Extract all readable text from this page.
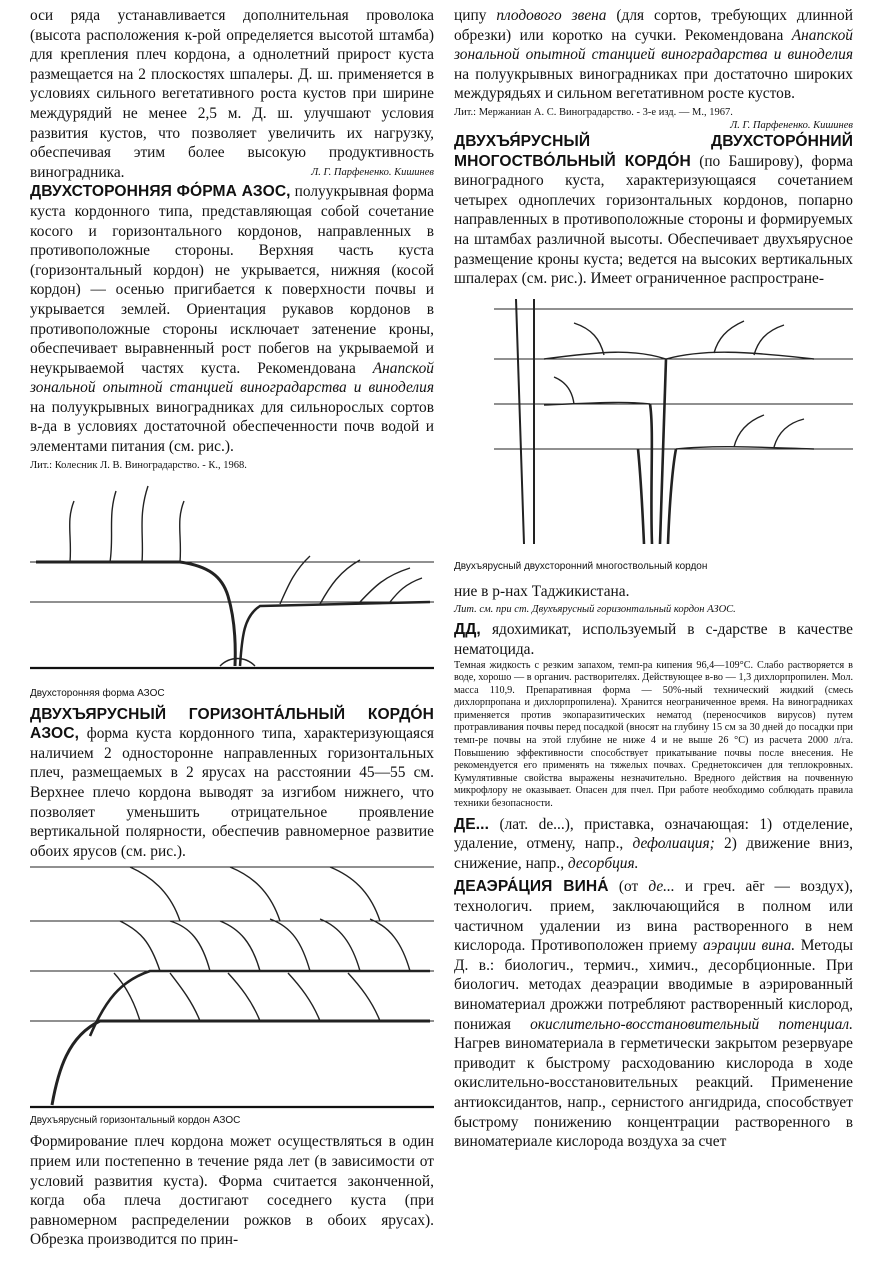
оси ряда устанавливается дополнительная проволока (высота расположения к-рой определяется высотой штамба) для крепления плеч кордона, а однолетний прирост куста размещается на 2 плоскостях шпалеры. Д. ш. применяется в условиях сильного вегетативного роста кустов при ширине междурядий не менее 2,5 м. Д. ш. улучшают условия развития кустов, что позволяет увеличить их нагрузку, обеспечивая этим более высокую продуктивность виноградника.	Л. Г. Парфененко. Кишинев

ДВУХСТОРОННЯЯ ФО́РМА АЗОС, полуукрывная форма куста кордонного типа, представляющая собой сочетание косого и горизонтального кордонов, направленных в противоположные стороны. Верхняя часть куста (горизонтальный кордон) не укрывается, нижняя (косой кордон) — осенью пригибается к поверхности почвы и укрывается землей. Ориентация рукавов кордонов в противоположные стороны исключает затенение кроны, обеспечивает выравненный рост побегов на укрываемой и неукрываемой частях куста. Рекомендована Анапской зональной опытной станцией виноградарства и виноделия на полуукрывных виноградниках для сильнорослых сортов в-да в условиях достаточной обеспеченности почв водой и элементами питания (см. рис.).

Лит.: Колесник Л. В. Виноградарство. - К., 1968.

Двухсторонняя форма АЗОС

ДВУХЪЯРУСНЫЙ ГОРИЗОНТА́ЛЬНЫЙ КОРДО́Н АЗОС, форма куста кордонного типа, характеризующаяся наличием 2 односторонне направленных горизонтальных плеч, размещаемых в 2 ярусах на расстоянии 45—55 см. Верхнее плечо кордона выводят за изгибом нижнего, что позволяет уменьшить отрицательное проявление вертикальной полярности, обеспечив равномерное развитие обоих ярусов (см. рис.).

Двухъярусный горизонтальный кордон АЗОС

Формирование плеч кордона может осуществляться в один прием или постепенно в течение ряда лет (в зависимости от условий развития куста). Форма считается законченной, когда оба плеча достигают соседнего куста (при равномерном распределении рожков в обоих ярусах). Обрезка производится по прин-

ципу плодового звена (для сортов, требующих длинной обрезки) или коротко на сучки. Рекомендована Анапской зональной опытной станцией виноградарства и виноделия на полуукрывных виноградниках при достаточно широких междурядьях и сильном вегетативном росте кустов.

Лит.: Мержаниан А. С. Виноградарство. - 3-е изд. — М., 1967.

Л. Г. Парфененко. Кишинев

ДВУХЪЯ́РУСНЫЙ ДВУХСТОРО́ННИЙ МНОГОСТВО́ЛЬНЫЙ КОРДО́Н (по Баширову), форма виноградного куста, характеризующаяся сочетанием четырех одноплечих горизонтальных кордонов, попарно направленных в противоположные стороны и формируемых на штамбах различной высоты. Обеспечивает двухъярусное размещение кроны куста; ведется на высоких вертикальных шпалерах (см. рис.). Имеет ограниченное распростране-

Двухъярусный двухсторонний многоствольный кордон

ние в р-нах Таджикистана.

Лит. см. при ст. Двухъярусный горизонтальный кордон АЗОС.

ДД, ядохимикат, используемый в с-дарстве в качестве нематоцида.

Темная жидкость с резким запахом, темп-ра кипения 96,4—109°C. Слабо растворяется в воде, хорошо — в органич. растворителях. Действующее в-во — 1,3 дихлорпропилен. Мол. масса 110,9. Препаративная форма — 50%-ный технический жидкий (смесь дихлорпропана и дихлорпропилена). Хранится неограниченное время. На виноградниках применяется против экопаразитических нематод (переносчиков вирусов) путем протравливания почвы перед посадкой (вносят на глубину 15 см за 30 дней до посадки при темп-ре почвы на этой глубине не ниже 4 и не выше 26 °С) из расчета 2000 л/га. Повышению эффективности способствует прикатывание почвы после внесения. Не рекомендуется его применять на тяжелых почвах. Среднетоксичен для теплокровных. Кумулятивные свойства выражены незначительно. Вредного действия на почвенную микрофлору не оказывает. Опасен для пчел. При работе необходимо соблюдать правила техники безопасности.

ДЕ... (лат. de...), приставка, означающая: 1) отделение, удаление, отмену, напр., дефолиация; 2) движение вниз, снижение, напр., десорбция.

ДЕАЭРА́ЦИЯ ВИНА́ (от де... и греч. aēr — воздух), технологич. прием, заключающийся в полном или частичном удалении из вина растворенного в нем кислорода. Противоположен приему аэрации вина. Методы Д. в.: биологич., термич., химич., десорбционные. При биологич. методах деаэрации вводимые в аэрированный виноматериал дрожжи потребляют растворенный кислород, понижая окислительно-восстановительный потенциал. Нагрев виноматериала в герметически закрытом резервуаре приводит к быстрому расходованию кислорода в ходе окислительно-восстановительных реакций. Применение антиоксидантов, напр., сернистого ангидрида, способствует быстрому понижению концентрации растворенного в виноматериале кислорода воздуха за счет
